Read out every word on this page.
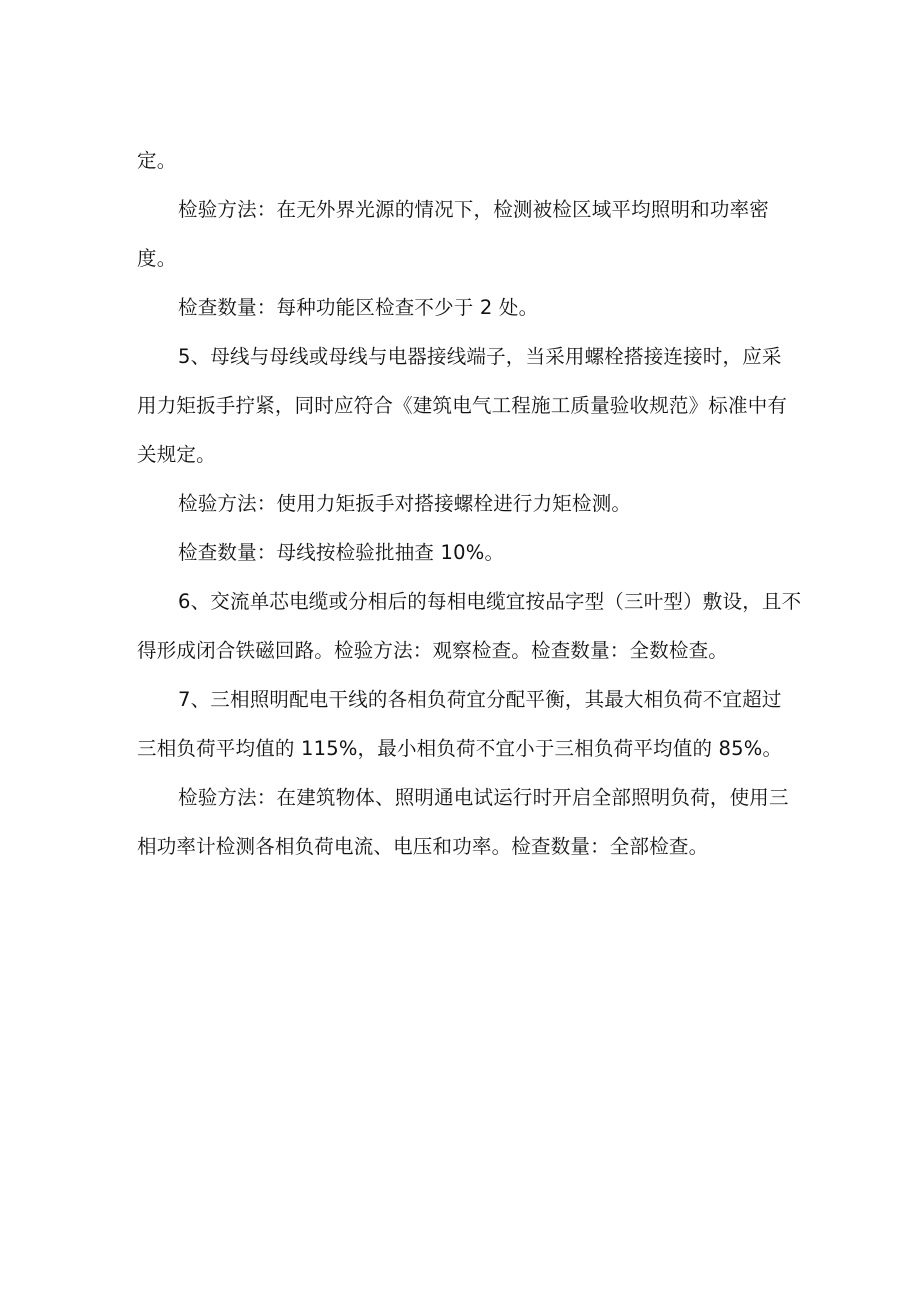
定。
检验方法：在无外界光源的情况下，检测被检区域平均照明和功率密
度。
检查数量：每种功能区检查不少于 2 处。
5、母线与母线或母线与电器接线端子，当采用螺栓搭接连接时，应采
用力矩扳手拧紧，同时应符合《建筑电气工程施工质量验收规范》标准中有
关规定。
检验方法：使用力矩扳手对搭接螺栓进行力矩检测。
检查数量：母线按检验批抽查 10%。
6、交流单芯电缆或分相后的每相电缆宜按品字型（三叶型）敷设，且不
得形成闭合铁磁回路。检验方法：观察检查。检查数量：全数检查。
7、三相照明配电干线的各相负荷宜分配平衡，其最大相负荷不宜超过
三相负荷平均值的 115%，最小相负荷不宜小于三相负荷平均值的 85%。
检验方法：在建筑物体、照明通电试运行时开启全部照明负荷，使用三
相功率计检测各相负荷电流、电压和功率。检查数量：全部检查。
